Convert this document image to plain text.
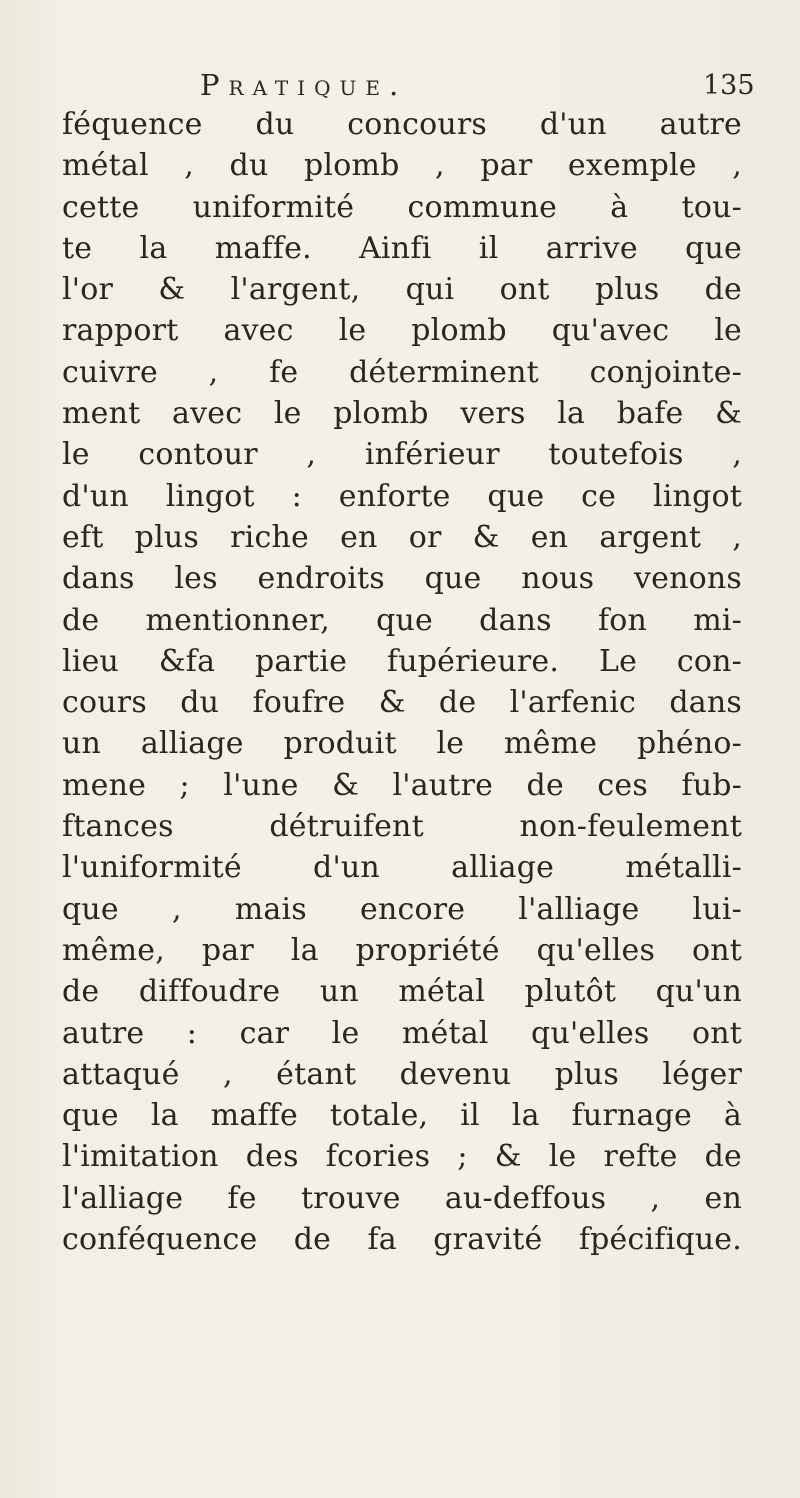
Pratique.	135
féquence du concours d'un autre
métal , du plomb , par exemple ,
cette uniformité commune à tou-
te la maffe. Ainfi il arrive que
l'or & l'argent, qui ont plus de
rapport avec le plomb qu'avec le
cuivre , fe déterminent conjointe-
ment avec le plomb vers la bafe &
le contour , inférieur toutefois ,
d'un lingot : enforte que ce lingot
eft plus riche en or & en argent ,
dans les endroits que nous venons
de mentionner, que dans fon mi-
lieu &fa partie fupérieure. Le con-
cours du foufre & de l'arfenic dans
un alliage produit le même phéno-
mene ; l'une & l'autre de ces fub-
ftances détruifent non-feulement
l'uniformité d'un alliage métalli-
que , mais encore l'alliage lui-
même, par la propriété qu'elles ont
de diffoudre un métal plutôt qu'un
autre : car le métal qu'elles ont
attaqué , étant devenu plus léger
que la maffe totale, il la furnage à
l'imitation des fcories ; & le refte de
l'alliage fe trouve au-deffous , en
conféquence de fa gravité fpécifique.
